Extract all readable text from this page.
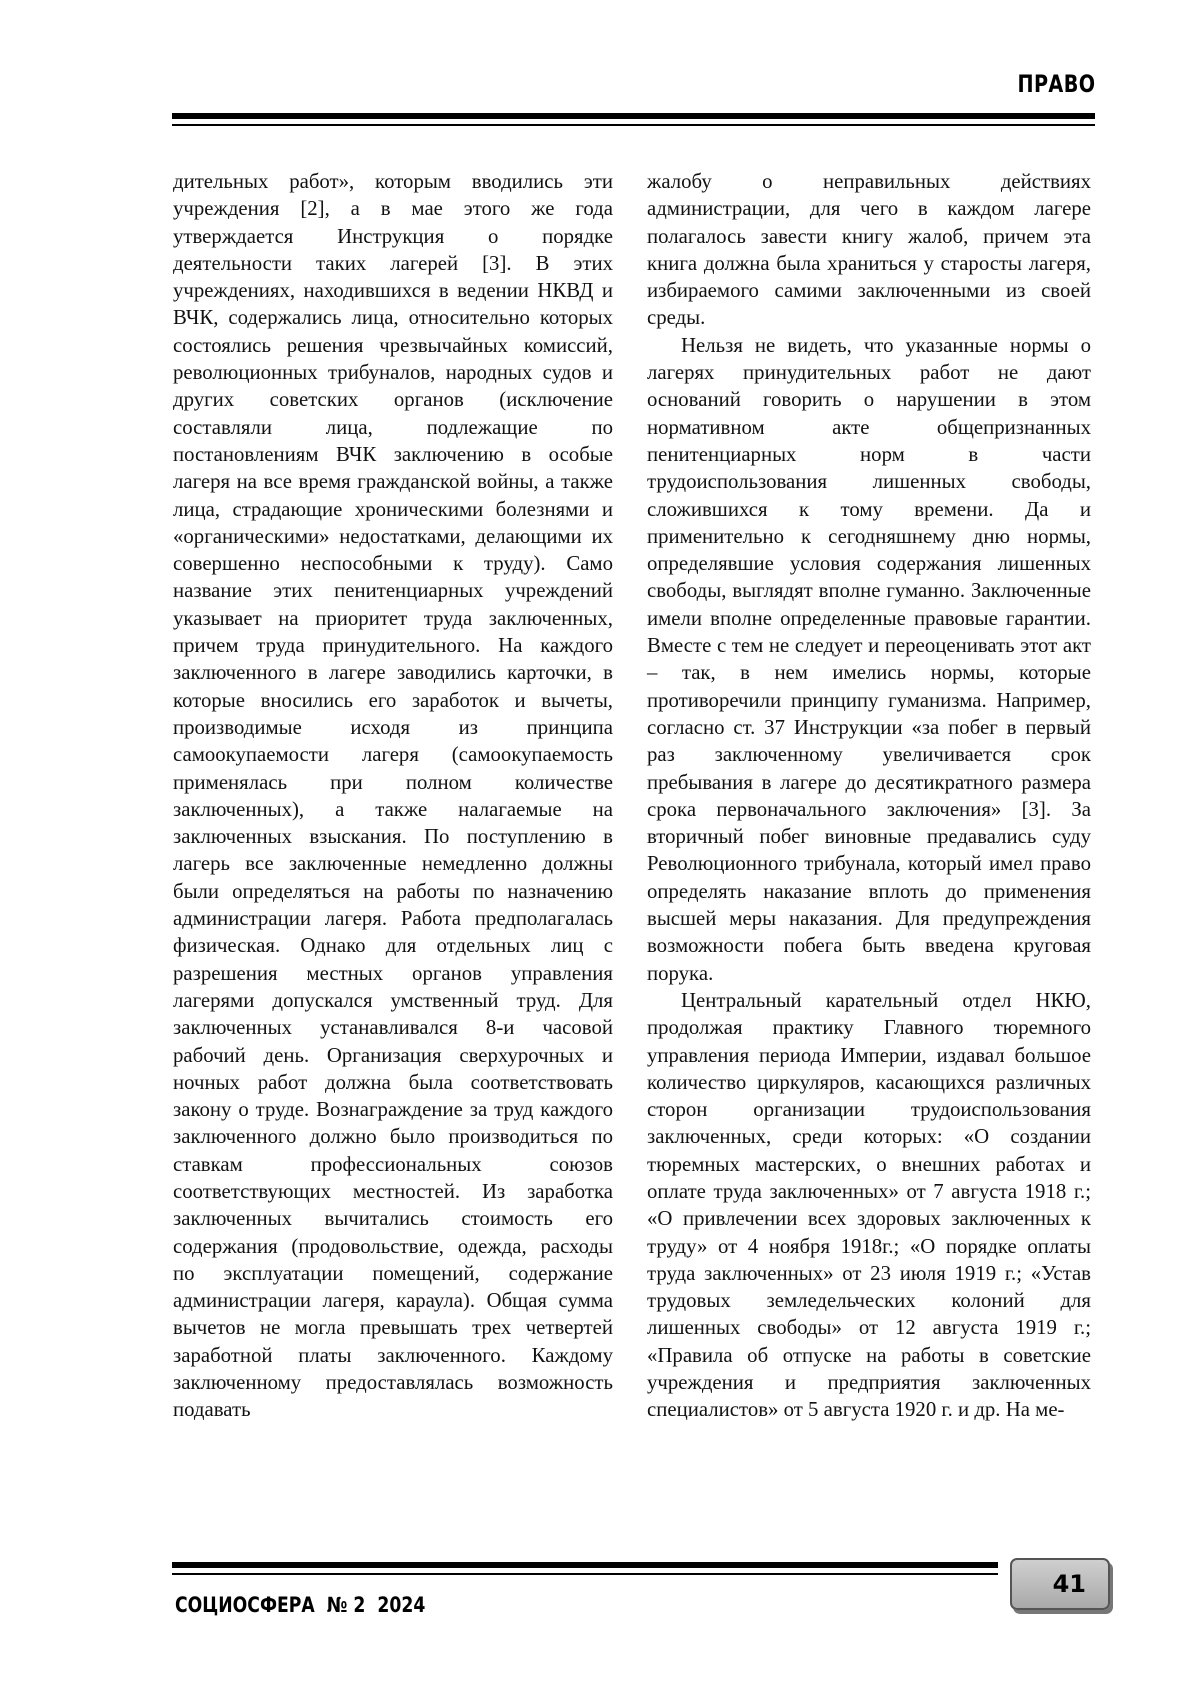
ПРАВО

дительных работ», которым вводились эти учреждения [2], а в мае этого же года утверждается Инструкция о порядке деятельности таких лагерей [3]. В этих учреждениях, находившихся в ведении НКВД и ВЧК, содержались лица, относительно которых состоялись решения чрезвычайных комиссий, революционных трибуналов, народных судов и других советских органов (исключение составляли лица, подлежащие по постановлениям ВЧК заключению в особые лагеря на все время гражданской войны, а также лица, страдающие хроническими болезнями и «органическими» недостатками, делающими их совершенно неспособными к труду). Само название этих пенитенциарных учреждений указывает на приоритет труда заключенных, причем труда принудительного. На каждого заключенного в лагере заводились карточки, в которые вносились его заработок и вычеты, производимые исходя из принципа самоокупаемости лагеря (самоокупаемость применялась при полном количестве заключенных), а также налагаемые на заключенных взыскания. По поступлению в лагерь все заключенные немедленно должны были определяться на работы по назначению администрации лагеря. Работа предполагалась физическая. Однако для отдельных лиц с разрешения местных органов управления лагерями допускался умственный труд. Для заключенных устанавливался 8-и часовой рабочий день. Организация сверхурочных и ночных работ должна была соответствовать закону о труде. Вознаграждение за труд каждого заключенного должно было производиться по ставкам профессиональных союзов соответствующих местностей. Из заработка заключенных вычитались стоимость его содержания (продовольствие, одежда, расходы по эксплуатации помещений, содержание администрации лагеря, караула). Общая сумма вычетов не могла превышать трех четвертей заработной платы заключенного. Каждому заключенному предоставлялась возможность подавать

жалобу о неправильных действиях администрации, для чего в каждом лагере полагалось завести книгу жалоб, причем эта книга должна была храниться у старосты лагеря, избираемого самими заключенными из своей среды.

Нельзя не видеть, что указанные нормы о лагерях принудительных работ не дают оснований говорить о нарушении в этом нормативном акте общепризнанных пенитенциарных норм в части трудоиспользования лишенных свободы, сложившихся к тому времени. Да и применительно к сегодняшнему дню нормы, определявшие условия содержания лишенных свободы, выглядят вполне гуманно. Заключенные имели вполне определенные правовые гарантии. Вместе с тем не следует и переоценивать этот акт – так, в нем имелись нормы, которые противоречили принципу гуманизма. Например, согласно ст. 37 Инструкции «за побег в первый раз заключенному увеличивается срок пребывания в лагере до десятикратного размера срока первоначального заключения» [3]. За вторичный побег виновные предавались суду Революционного трибунала, который имел право определять наказание вплоть до применения высшей меры наказания. Для предупреждения возможности побега быть введена круговая порука.

Центральный карательный отдел НКЮ, продолжая практику Главного тюремного управления периода Империи, издавал большое количество циркуляров, касающихся различных сторон организации трудоиспользования заключенных, среди которых: «О создании тюремных мастерских, о внешних работах и оплате труда заключенных» от 7 августа 1918 г.; «О привлечении всех здоровых заключенных к труду» от 4 ноября 1918г.; «О порядке оплаты труда заключенных» от 23 июля 1919 г.; «Устав трудовых земледельческих колоний для лишенных свободы» от 12 августа 1919 г.; «Правила об отпуске на работы в советские учреждения и предприятия заключенных специалистов» от 5 августа 1920 г. и др. На ме-

СОЦИОСФЕРА  № 2  2024
41
